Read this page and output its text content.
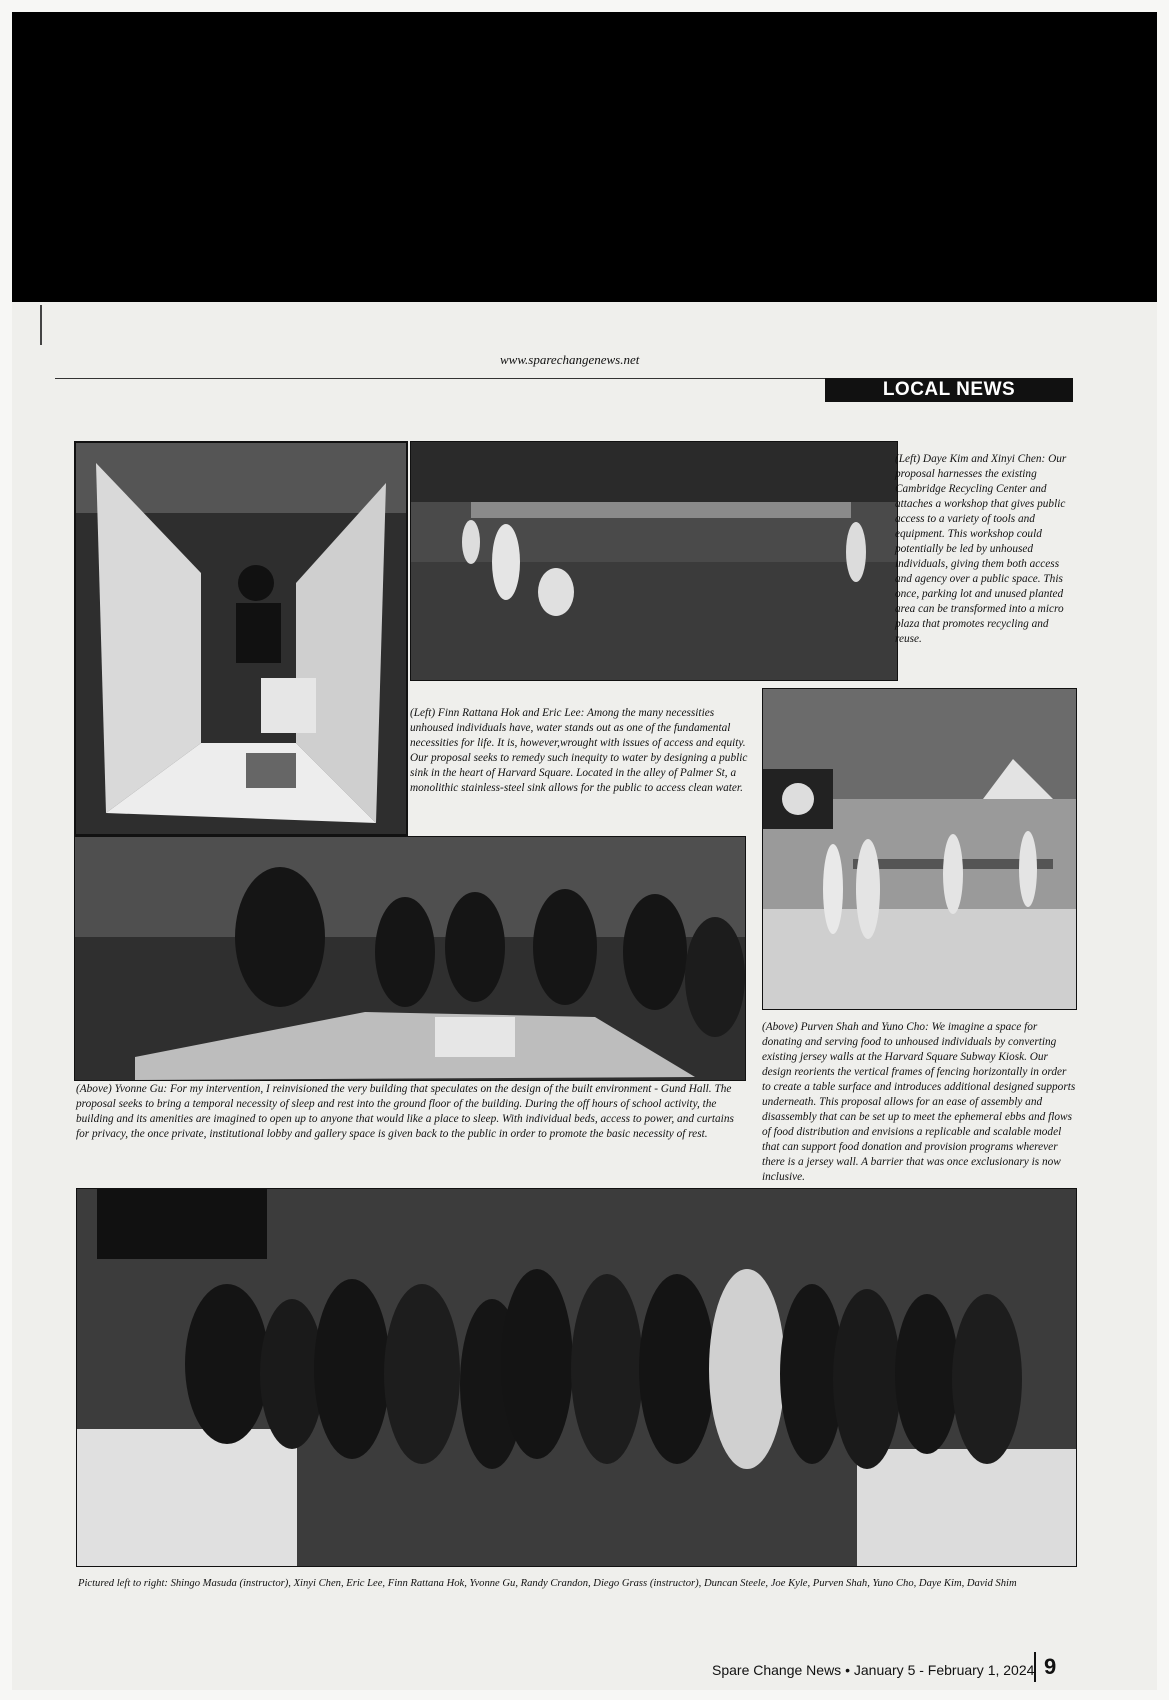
www.sparechangenews.net
LOCAL NEWS

(Left) Daye Kim and Xinyi Chen: Our proposal harnesses the existing Cambridge Recycling Center and attaches a workshop that gives public access to a variety of tools and equipment. This workshop could potentially be led by unhoused individuals, giving them both access and agency over a public space. This once, parking lot and unused planted area can be transformed into a micro plaza that promotes recycling and reuse.

(Left) Finn Rattana Hok and Eric Lee: Among the many necessities unhoused individuals have, water stands out as one of the fundamental necessities for life. It is, however,wrought with issues of access and equity. Our proposal seeks to remedy such inequity to water by designing a public sink in the heart of Harvard Square. Located in the alley of Palmer St, a monolithic stainless-steel sink allows for the public to access clean water.

(Above) Purven Shah and Yuno Cho: We imagine a space for donating and serving food to unhoused individuals by converting existing jersey walls at the Harvard Square Subway Kiosk. Our design reorients the vertical frames of fencing horizontally in order to create a table surface and introduces additional designed supports underneath. This proposal allows for an ease of assembly and disassembly that can be set up to meet the ephemeral ebbs and flows of food distribution and envisions a replicable and scalable model that can support food donation and provision programs wherever there is a jersey wall. A barrier that was once exclusionary is now inclusive.

(Above) Yvonne Gu: For my intervention, I reinvisioned the very building that speculates on the design of the built environment - Gund Hall. The proposal seeks to bring a temporal necessity of sleep and rest into the ground floor of the building. During the off hours of school activity, the building and its amenities are imagined to open up to anyone that would like a place to sleep. With individual beds, access to power, and curtains for privacy, the once private, institutional lobby and gallery space is given back to the public in order to promote the basic necessity of rest.

Pictured left to right: Shingo Masuda (instructor), Xinyi Chen, Eric Lee, Finn Rattana Hok, Yvonne Gu, Randy Crandon, Diego Grass (instructor), Duncan Steele, Joe Kyle, Purven Shah, Yuno Cho, Daye Kim, David Shim

Spare Change News • January 5 - February 1, 2024 9
